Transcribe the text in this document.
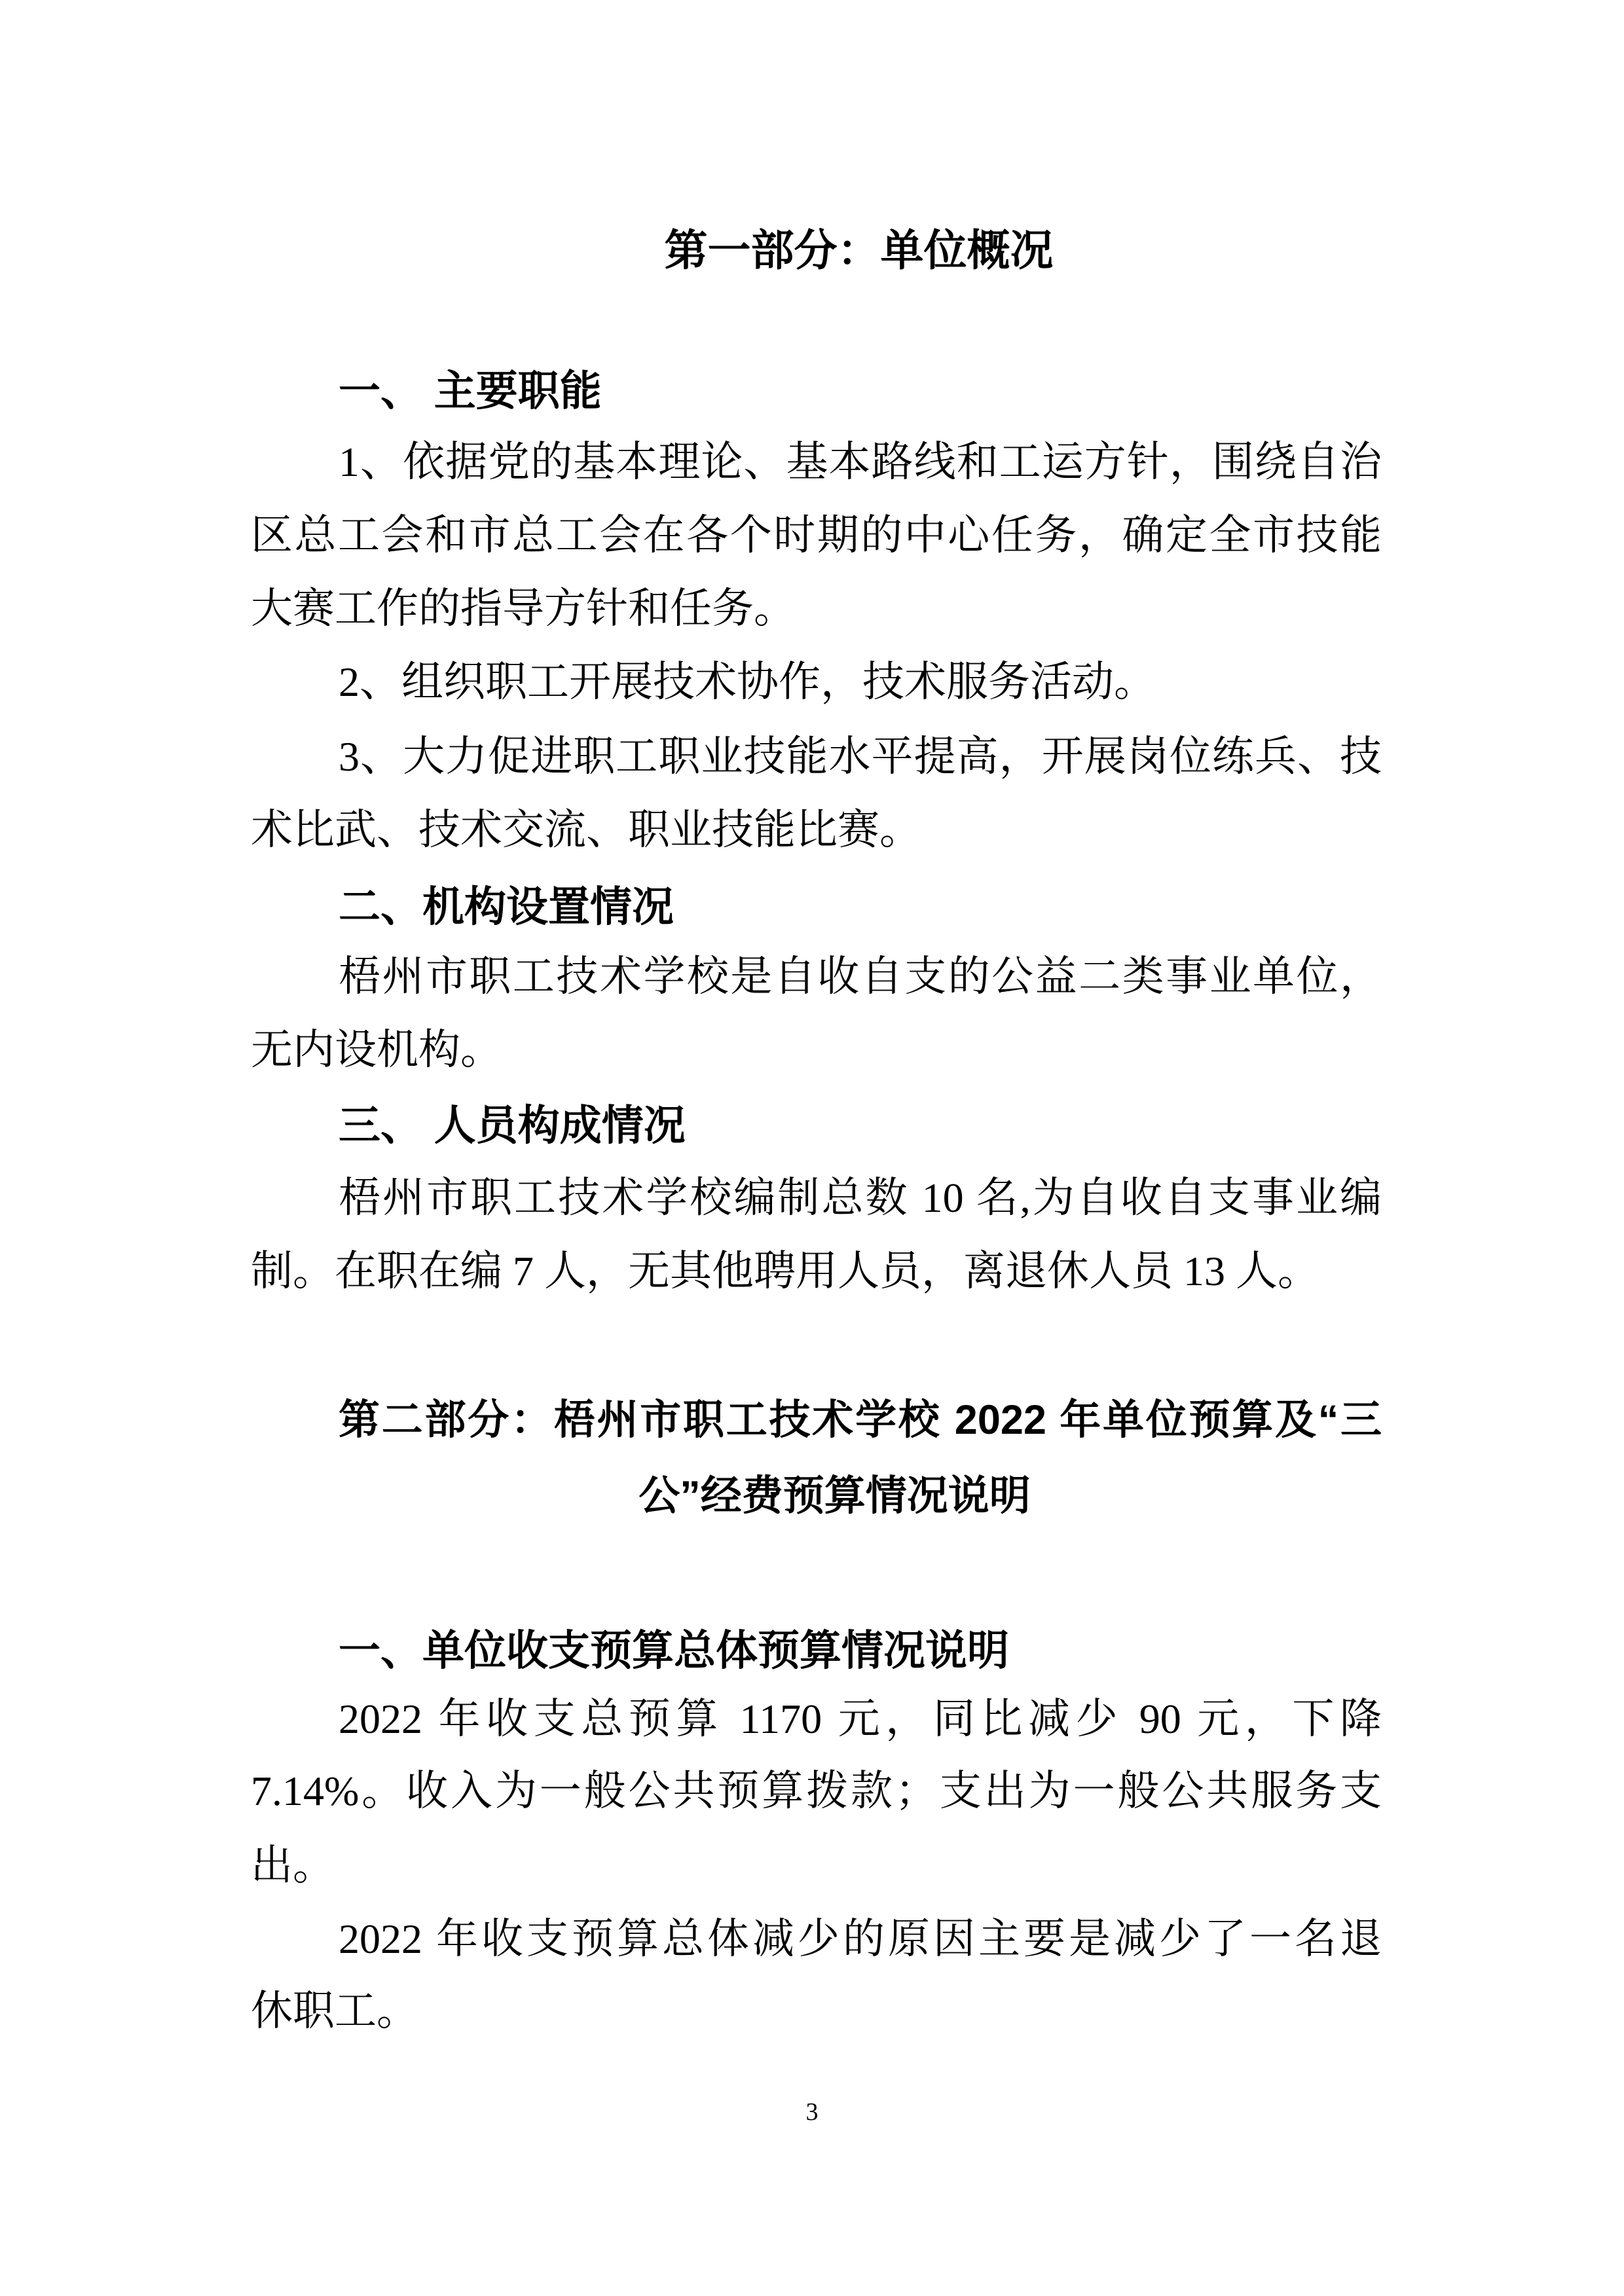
第一部分：单位概况
一、 主要职能
1、依据党的基本理论、基本路线和工运方针，围绕自治
区总工会和市总工会在各个时期的中心任务，确定全市技能
大赛工作的指导方针和任务。
2、组织职工开展技术协作，技术服务活动。
3、大力促进职工职业技能水平提高，开展岗位练兵、技
术比武、技术交流、职业技能比赛。
二、机构设置情况
梧州市职工技术学校是自收自支的公益二类事业单位，
无内设机构。
三、 人员构成情况
梧州市职工技术学校编制总数 10 名,为自收自支事业编
制。在职在编 7 人，无其他聘用人员，离退休人员 13 人。
第二部分：梧州市职工技术学校 2022 年单位预算及“三
公”经费预算情况说明
一、单位收支预算总体预算情况说明
2022 年收支总预算 1170 元，同比减少 90 元，下降
7.14%。收入为一般公共预算拨款；支出为一般公共服务支
出。
2022 年收支预算总体减少的原因主要是减少了一名退
休职工。
3
